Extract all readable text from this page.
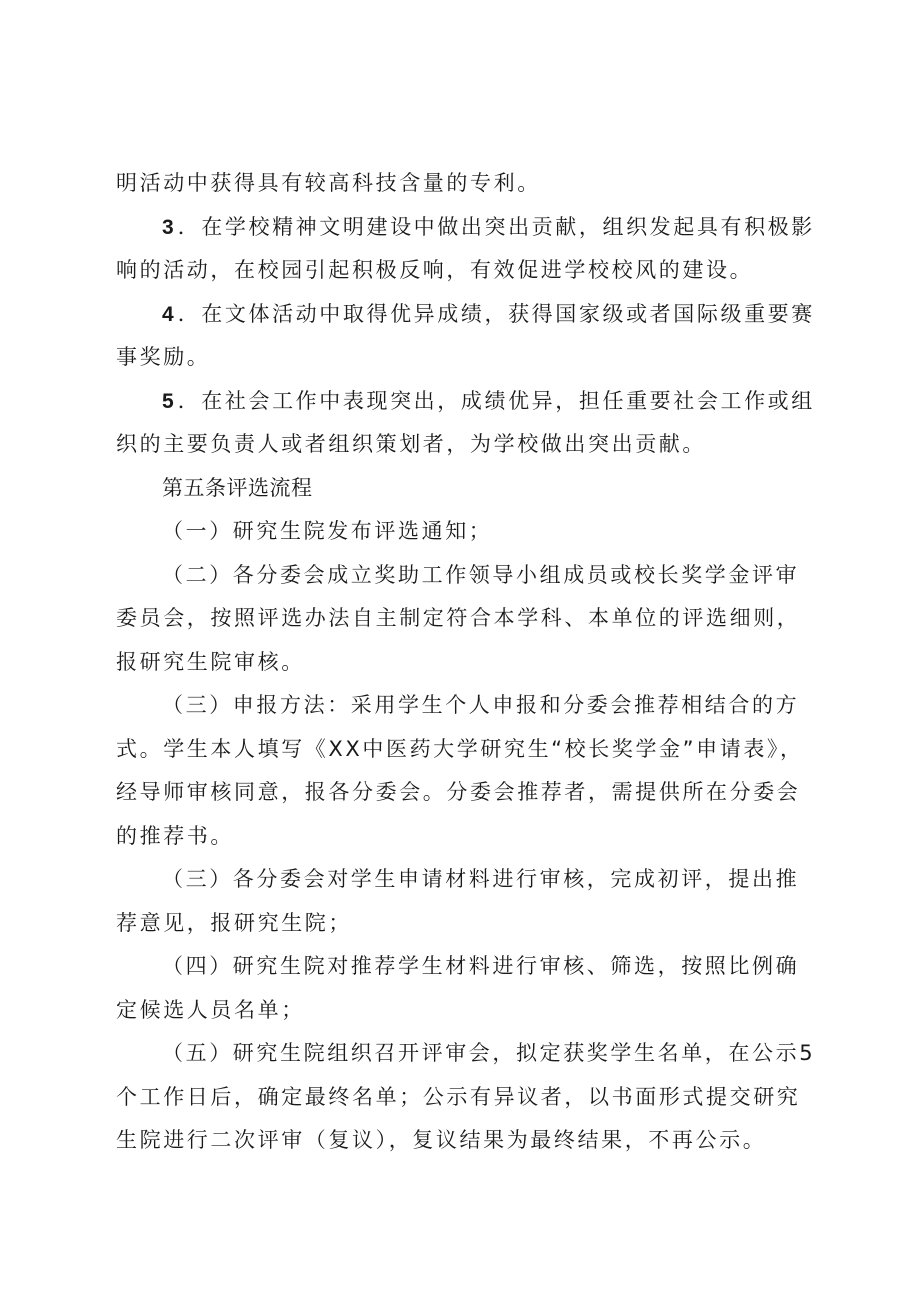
明活动中获得具有较高科技含量的专利。

3．在学校精神文明建设中做出突出贡献，组织发起具有积极影响的活动，在校园引起积极反响，有效促进学校校风的建设。

4．在文体活动中取得优异成绩，获得国家级或者国际级重要赛事奖励。

5．在社会工作中表现突出，成绩优异，担任重要社会工作或组织的主要负责人或者组织策划者，为学校做出突出贡献。

第五条评选流程

（一）研究生院发布评选通知；

（二）各分委会成立奖助工作领导小组成员或校长奖学金评审委员会，按照评选办法自主制定符合本学科、本单位的评选细则，报研究生院审核。

（三）申报方法：采用学生个人申报和分委会推荐相结合的方式。学生本人填写《XX中医药大学研究生“校长奖学金”申请表》，经导师审核同意，报各分委会。分委会推荐者，需提供所在分委会的推荐书。

（三）各分委会对学生申请材料进行审核，完成初评，提出推荐意见，报研究生院；

（四）研究生院对推荐学生材料进行审核、筛选，按照比例确定候选人员名单；

（五）研究生院组织召开评审会，拟定获奖学生名单，在公示5个工作日后，确定最终名单；公示有异议者，以书面形式提交研究生院进行二次评审（复议），复议结果为最终结果，不再公示。
